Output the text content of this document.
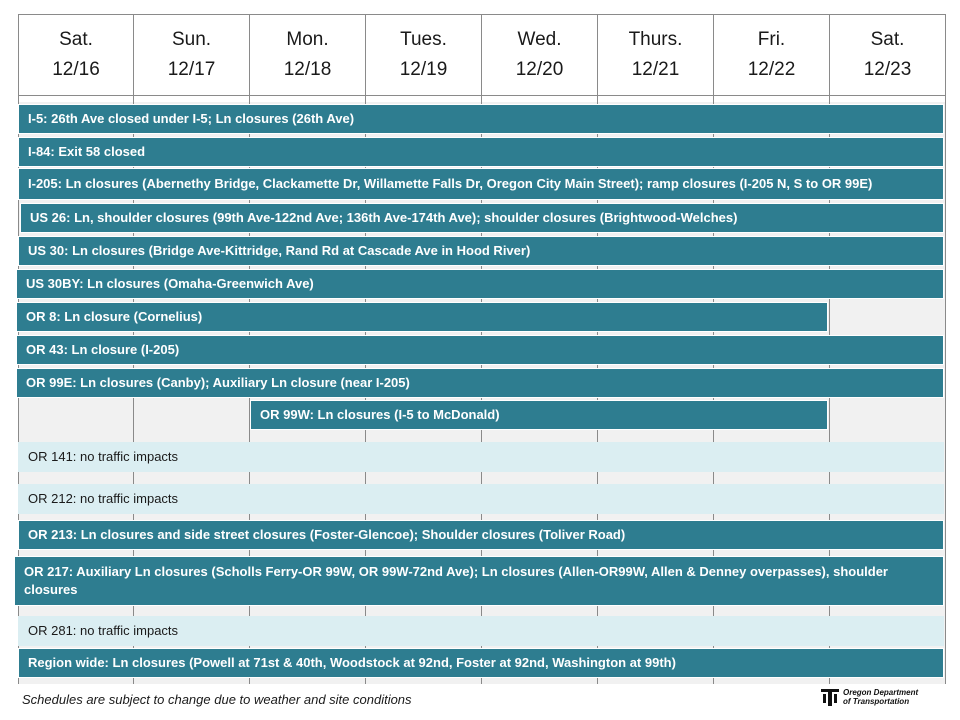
Sat.
12/16
Sun.
12/17
Mon.
12/18
Tues.
12/19
Wed.
12/20
Thurs.
12/21
Fri.
12/22
Sat.
12/23
I-5: 26th Ave closed under I-5; Ln closures (26th Ave)
I-84: Exit 58 closed
I-205: Ln closures (Abernethy Bridge, Clackamette Dr, Willamette Falls Dr, Oregon City Main Street); ramp closures (I-205 N, S to OR 99E)
US 26: Ln, shoulder closures (99th Ave-122nd Ave; 136th Ave-174th Ave); shoulder closures (Brightwood-Welches)
US 30: Ln closures (Bridge Ave-Kittridge, Rand Rd at Cascade Ave in Hood River)
US 30BY: Ln closures (Omaha-Greenwich Ave)
OR 8: Ln closure (Cornelius)
OR 43: Ln closure (I-205)
OR 99E: Ln closures (Canby); Auxiliary Ln closure (near I-205)
OR 99W: Ln closures (I-5 to McDonald)
OR 141: no traffic impacts
OR 212: no traffic impacts
OR 213: Ln closures and side street closures (Foster-Glencoe); Shoulder closures (Toliver Road)
OR 217: Auxiliary Ln closures (Scholls Ferry-OR 99W, OR 99W-72nd Ave); Ln closures (Allen-OR99W, Allen & Denney overpasses), shoulder closures
OR 281: no traffic impacts
Region wide: Ln closures (Powell at 71st & 40th, Woodstock at 92nd, Foster at 92nd, Washington at 99th)
Schedules are subject to change due to weather and site conditions	Oregon Department
of Transportation
